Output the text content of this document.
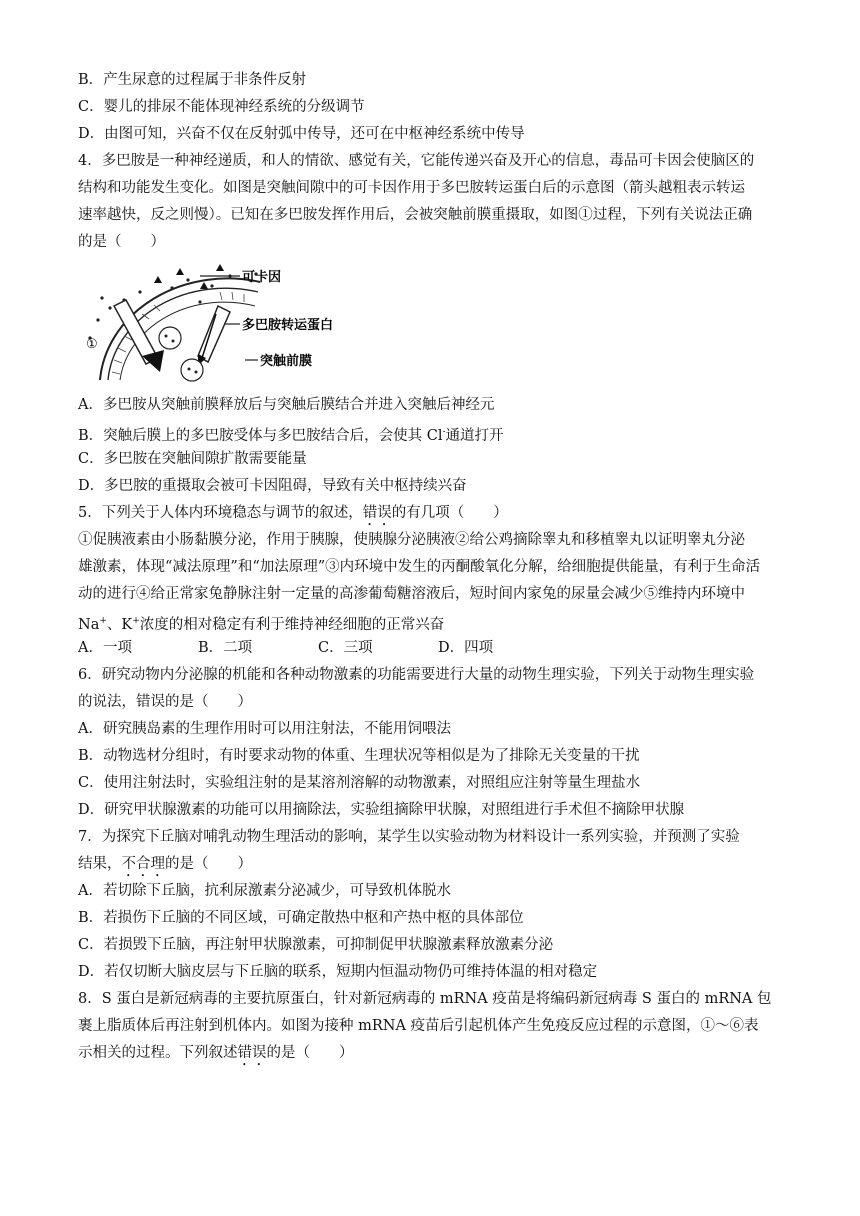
B．产生尿意的过程属于非条件反射
C．婴儿的排尿不能体现神经系统的分级调节
D．由图可知，兴奋不仅在反射弧中传导，还可在中枢神经系统中传导
4．多巴胺是一种神经递质，和人的情欲、感觉有关，它能传递兴奋及开心的信息，毒品可卡因会使脑区的
结构和功能发生变化。如图是突触间隙中的可卡因作用于多巴胺转运蛋白后的示意图（箭头越粗表示转运
速率越快，反之则慢）。已知在多巴胺发挥作用后，会被突触前膜重摄取，如图①过程，下列有关说法正确
的是（　　）
①
可卡因
多巴胺转运蛋白
突触前膜
A．多巴胺从突触前膜释放后与突触后膜结合并进入突触后神经元
B．突触后膜上的多巴胺受体与多巴胺结合后，会使其 Cl-通道打开
C．多巴胺在突触间隙扩散需要能量
D．多巴胺的重摄取会被可卡因阻碍，导致有关中枢持续兴奋
5．下列关于人体内环境稳态与调节的叙述，错误的有几项（　　）
①促胰液素由小肠黏膜分泌，作用于胰腺，使胰腺分泌胰液②给公鸡摘除睾丸和移植睾丸以证明睾丸分泌
雄激素，体现“减法原理”和“加法原理”③内环境中发生的丙酮酸氧化分解，给细胞提供能量，有利于生命活
动的进行④给正常家兔静脉注射一定量的高渗葡萄糖溶液后，短时间内家兔的尿量会减少⑤维持内环境中
Na+、K+浓度的相对稳定有利于维持神经细胞的正常兴奋
A．一项	B．二项	C．三项	D．四项
6．研究动物内分泌腺的机能和各种动物激素的功能需要进行大量的动物生理实验，下列关于动物生理实验
的说法，错误的是（　　）
A．研究胰岛素的生理作用时可以用注射法，不能用饲喂法
B．动物选材分组时，有时要求动物的体重、生理状况等相似是为了排除无关变量的干扰
C．使用注射法时，实验组注射的是某溶剂溶解的动物激素，对照组应注射等量生理盐水
D．研究甲状腺激素的功能可以用摘除法，实验组摘除甲状腺，对照组进行手术但不摘除甲状腺
7．为探究下丘脑对哺乳动物生理活动的影响，某学生以实验动物为材料设计一系列实验，并预测了实验
结果，不合理的是（　　）
A．若切除下丘脑，抗利尿激素分泌减少，可导致机体脱水
B．若损伤下丘脑的不同区域，可确定散热中枢和产热中枢的具体部位
C．若损毁下丘脑，再注射甲状腺激素，可抑制促甲状腺激素释放激素分泌
D．若仅切断大脑皮层与下丘脑的联系，短期内恒温动物仍可维持体温的相对稳定
8．S 蛋白是新冠病毒的主要抗原蛋白，针对新冠病毒的 mRNA 疫苗是将编码新冠病毒 S 蛋白的 mRNA 包
裹上脂质体后再注射到机体内。如图为接种 mRNA 疫苗后引起机体产生免疫反应过程的示意图，①～⑥表
示相关的过程。下列叙述错误的是（　　）
